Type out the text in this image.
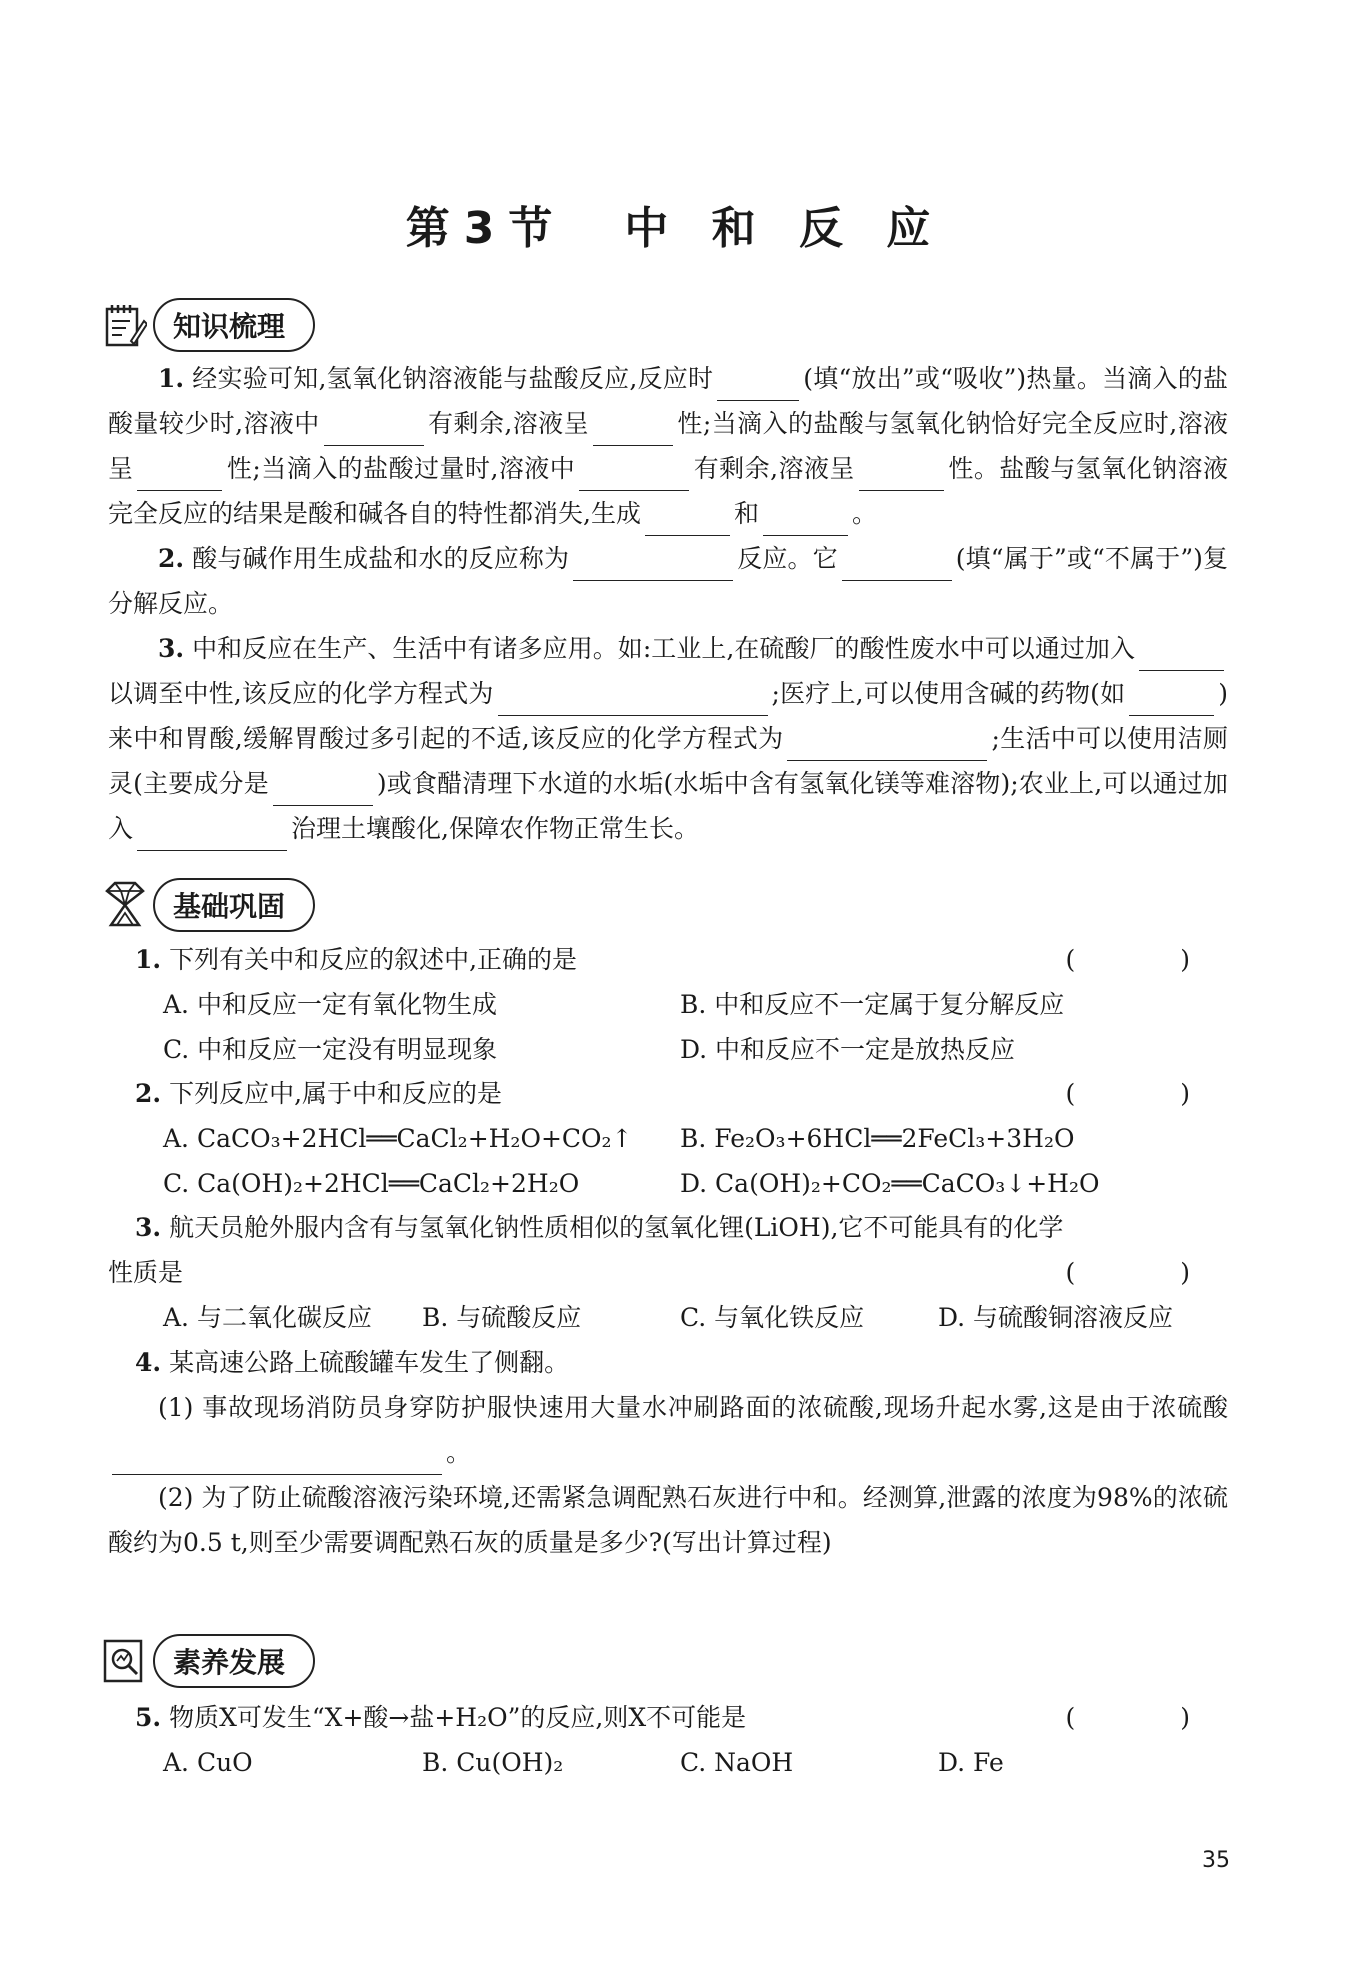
第3节　中 和 反 应
知识梳理

1. 经实验可知,氢氧化钠溶液能与盐酸反应,反应时	(填“放出”或“吸收”)热量。当滴入的盐酸量较少时,溶液中	有剩余,溶液呈	性;当滴入的盐酸与氢氧化钠恰好完全反应时,溶液呈	性;当滴入的盐酸过量时,溶液中	有剩余,溶液呈	性。盐酸与氢氧化钠溶液完全反应的结果是酸和碱各自的特性都消失,生成	和	。

2. 酸与碱作用生成盐和水的反应称为	反应。它	(填“属于”或“不属于”)复分解反应。

3. 中和反应在生产、生活中有诸多应用。如:工业上,在硫酸厂的酸性废水中可以通过加入以调至中性,该反应的化学方程式为	;医疗上,可以使用含碱的药物(如	)来中和胃酸,缓解胃酸过多引起的不适,该反应的化学方程式为	;生活中可以使用洁厕灵(主要成分是	)或食醋清理下水道的水垢(水垢中含有氢氧化镁等难溶物);农业上,可以通过加入	治理土壤酸化,保障农作物正常生长。

基础巩固
1. 下列有关中和反应的叙述中,正确的是	(　)
A. 中和反应一定有氧化物生成	B. 中和反应不一定属于复分解反应
C. 中和反应一定没有明显现象	D. 中和反应不一定是放热反应
2. 下列反应中,属于中和反应的是	(　)
A. CaCO₃+2HCl══CaCl₂+H₂O+CO₂↑ B. Fe₂O₃+6HCl══2FeCl₃+3H₂O
C. Ca(OH)₂+2HCl══CaCl₂+2H₂O	D. Ca(OH)₂+CO₂══CaCO₃↓+H₂O
3. 航天员舱外服内含有与氢氧化钠性质相似的氢氧化锂(LiOH),它不可能具有的化学
性质是	(　)
A. 与二氧化碳反应 B. 与硫酸反应	C. 与氧化铁反应	D. 与硫酸铜溶液反应
4. 某高速公路上硫酸罐车发生了侧翻。

(1) 事故现场消防员身穿防护服快速用大量水冲刷路面的浓硫酸,现场升起水雾,这是由于浓硫酸。

(2) 为了防止硫酸溶液污染环境,还需紧急调配熟石灰进行中和。经测算,泄露的浓度为98%的浓硫酸约为0.5 t,则至少需要调配熟石灰的质量是多少?(写出计算过程)

素养发展
5. 物质X可发生“X+酸→盐+H₂O”的反应,则X不可能是	(　)
A. CuO	B. Cu(OH)₂	C. NaOH	D. Fe
35
